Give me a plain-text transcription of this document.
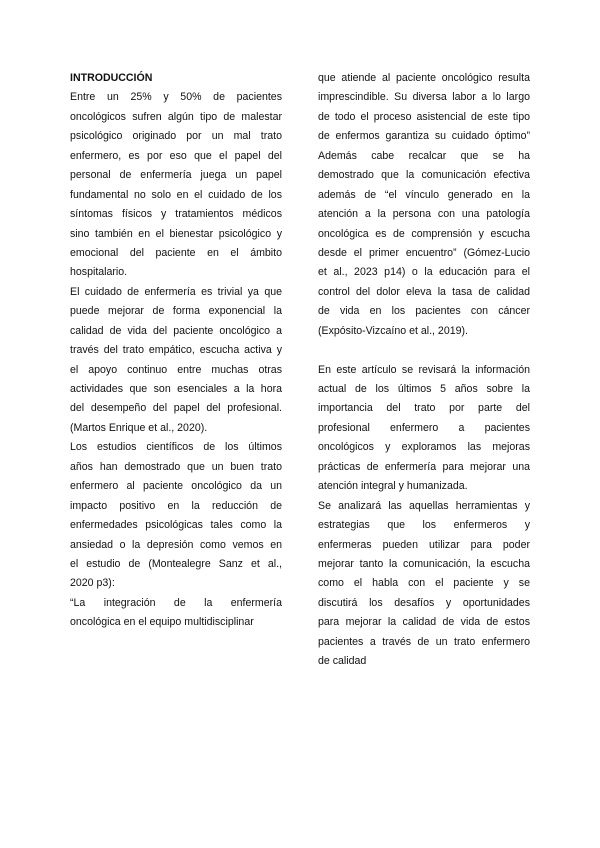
INTRODUCCIÓN
Entre un 25% y 50% de pacientes
oncológicos sufren algún tipo de malestar
psicológico originado por un mal trato
enfermero, es por eso que el papel del
personal de enfermería juega un papel
fundamental no solo en el cuidado de los
síntomas físicos y tratamientos médicos
sino también en el bienestar psicológico y
emocional del paciente en el ámbito
hospitalario.
El cuidado de enfermería es trivial ya que
puede mejorar de forma exponencial la
calidad de vida del paciente oncológico a
través del trato empático, escucha activa y
el apoyo continuo entre muchas otras
actividades que son esenciales a la hora
del desempeño del papel del profesional.
(Martos Enrique et al., 2020).
Los estudios científicos de los últimos
años han demostrado que un buen trato
enfermero al paciente oncológico da un
impacto positivo en la reducción de
enfermedades psicológicas tales como la
ansiedad o la depresión como vemos en
el estudio de (Montealegre Sanz et al.,
2020 p3):
“La integración de la enfermería
oncológica en el equipo multidisciplinar
que atiende al paciente oncológico resulta
imprescindible. Su diversa labor a lo largo
de todo el proceso asistencial de este tipo
de enfermos garantiza su cuidado óptimo”
Además cabe recalcar que se ha
demostrado que la comunicación efectiva
además de “el vínculo generado en la
atención a la persona con una patología
oncológica es de comprensión y escucha
desde el primer encuentro” (Gómez-Lucio
et al., 2023 p14) o la educación para el
control del dolor eleva la tasa de calidad
de vida en los pacientes con cáncer
(Expósito-Vizcaíno et al., 2019).
En este artículo se revisará la información
actual de los últimos 5 años sobre la
importancia del trato por parte del
profesional enfermero a pacientes
oncológicos y exploramos las mejoras
prácticas de enfermería para mejorar una
atención integral y humanizada.
Se analizará las aquellas herramientas y
estrategias que los enfermeros y
enfermeras pueden utilizar para poder
mejorar tanto la comunicación, la escucha
como el habla con el paciente y se
discutirá los desafíos y oportunidades
para mejorar la calidad de vida de estos
pacientes a través de un trato enfermero
de calidad
